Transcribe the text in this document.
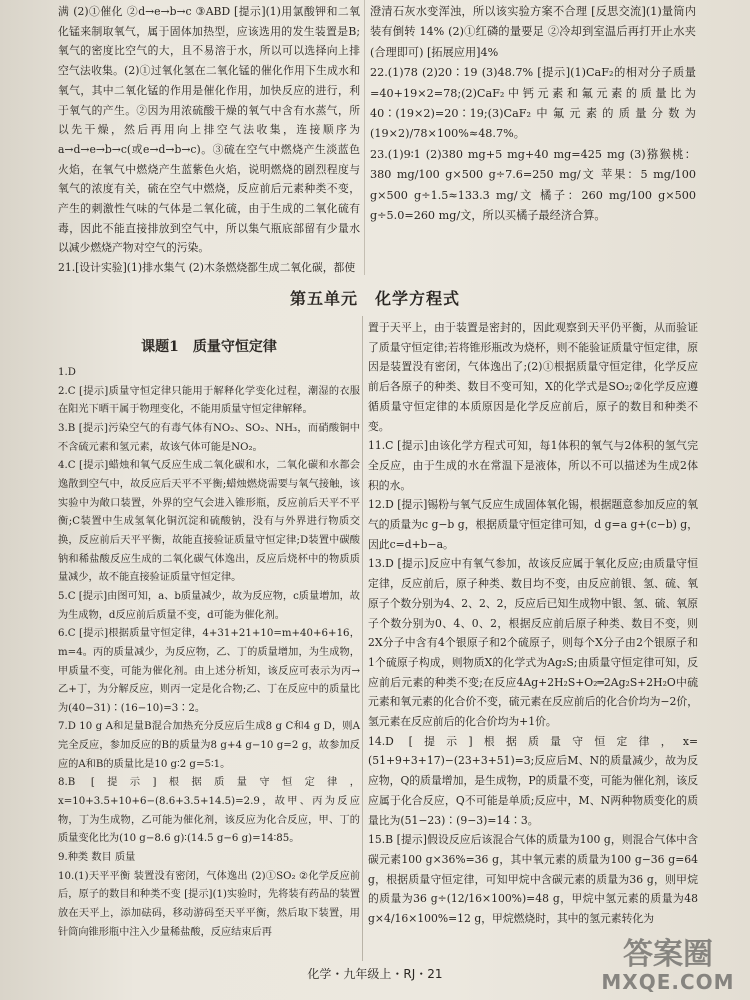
满 (2)①催化 ②d→e→b→c ③ABD [提示](1)用氯酸钾和二氧化锰来制取氧气，属于固体加热型，应该选用的发生装置是B;氧气的密度比空气的大，且不易溶于水，所以可以选择向上排空气法收集。(2)①过氧化氢在二氧化锰的催化作用下生成水和氧气，其中二氧化锰的作用是催化作用，加快反应的进行，利于氧气的产生。②因为用浓硫酸干燥的氧气中含有水蒸气，所以先干燥，然后再用向上排空气法收集，连接顺序为a→d→e→b→c(或e→d→b→c)。③硫在空气中燃烧产生淡蓝色火焰，在氧气中燃烧产生蓝紫色火焰，说明燃烧的剧烈程度与氧气的浓度有关，硫在空气中燃烧，反应前后元素种类不变，产生的刺激性气味的气体是二氧化硫，由于生成的二氧化硫有毒，因此不能直接排放到空气中，所以集气瓶底部留有少量水以减少燃烧产物对空气的污染。

21.[设计实验](1)排水集气 (2)木条燃烧都生成二氧化碳，都使

澄清石灰水变浑浊，所以该实验方案不合理 [反思交流](1)量筒内装有倒转 14% (2)①红磷的量要足 ②冷却到室温后再打开止水夹(合理即可) [拓展应用]4%

22.(1)78 (2)20∶19 (3)48.7% [提示](1)CaF₂的相对分子质量=40+19×2=78;(2)CaF₂中钙元素和氟元素的质量比为40∶(19×2)=20∶19;(3)CaF₂中氟元素的质量分数为(19×2)/78×100%≈48.7%。

23.(1)9∶1 (2)380 mg+5 mg+40 mg=425 mg (3)猕猴桃：380 mg/100 g×500 g÷7.6=250 mg/文 苹果：5 mg/100 g×500 g÷1.5≈133.3 mg/文 橘子：260 mg/100 g×500 g÷5.0=260 mg/文，所以买橘子最经济合算。

第五单元　化学方程式
课题1　质量守恒定律

1.D

2.C [提示]质量守恒定律只能用于解释化学变化过程，潮湿的衣服在阳光下晒干属于物理变化，不能用质量守恒定律解释。

3.B [提示]污染空气的有毒气体有NO₂、SO₂、NH₃，而硝酸铜中不含硫元素和氢元素，故该气体可能是NO₂。

4.C [提示]蜡烛和氧气反应生成二氧化碳和水，二氧化碳和水都会逸散到空气中，故反应后天平不平衡;蜡烛燃烧需要与氧气接触，该实验中为敞口装置，外界的空气会进入锥形瓶，反应前后天平不平衡;C装置中生成氢氧化铜沉淀和硫酸钠，没有与外界进行物质交换，反应前后天平平衡，故能直接验证质量守恒定律;D装置中碳酸钠和稀盐酸反应生成的二氧化碳气体逸出，反应后烧杯中的物质质量减少，故不能直接验证质量守恒定律。

5.C [提示]由图可知，a、b质量减少，故为反应物，c质量增加，故为生成物，d反应前后质量不变，d可能为催化剂。

6.C [提示]根据质量守恒定律，4+31+21+10=m+40+6+16，m=4。丙的质量减少，为反应物，乙、丁的质量增加，为生成物，甲质量不变，可能为催化剂。由上述分析知，该反应可表示为丙→乙+丁，为分解反应，则丙一定是化合物;乙、丁在反应中的质量比为(40−31)∶(16−10)=3∶2。

7.D 10 g A和足量B混合加热充分反应后生成8 g C和4 g D，则A完全反应，参加反应的B的质量为8 g+4 g−10 g=2 g，故参加反应的A和B的质量比是10 g∶2 g=5∶1。

8.B [提示]根据质量守恒定律，x=10+3.5+10+6−(8.6+3.5+14.5)=2.9，故甲、丙为反应物，丁为生成物，乙可能为催化剂，该反应为化合反应，甲、丁的质量变化比为(10 g−8.6 g)∶(14.5 g−6 g)=14∶85。

9.种类 数目 质量

10.(1)天平平衡 装置没有密闭，气体逸出 (2)①SO₂ ②化学反应前后，原子的数目和种类不变 [提示](1)实验时，先将装有药品的装置放在天平上，添加砝码，移动游码至天平平衡，然后取下装置，用针筒向锥形瓶中注入少量稀盐酸，反应结束后再

置于天平上，由于装置是密封的，因此观察到天平仍平衡，从而验证了质量守恒定律;若将锥形瓶改为烧杯，则不能验证质量守恒定律，原因是装置没有密闭，气体逸出了;(2)①根据质量守恒定律，化学反应前后各原子的种类、数目不变可知，X的化学式是SO₂;②化学反应遵循质量守恒定律的本质原因是化学反应前后，原子的数目和种类不变。

11.C [提示]由该化学方程式可知，每1体积的氧气与2体积的氢气完全反应，由于生成的水在常温下是液体，所以不可以描述为生成2体积的水。

12.D [提示]锡粉与氧气反应生成固体氧化锡，根据题意参加反应的氧气的质量为c g−b g，根据质量守恒定律可知，d g=a g+(c−b) g，因此c=d+b−a。

13.D [提示]反应中有氧气参加，故该反应属于氧化反应;由质量守恒定律，反应前后，原子种类、数目均不变，由反应前银、氢、硫、氧原子个数分别为4、2、2、2，反应后已知生成物中银、氢、硫、氧原子个数分别为0、4、0、2，根据反应前后原子种类、数目不变，则2X分子中含有4个银原子和2个硫原子，则每个X分子由2个银原子和1个硫原子构成，则物质X的化学式为Ag₂S;由质量守恒定律可知，反应前后元素的种类不变;在反应4Ag+2H₂S+O₂═2Ag₂S+2H₂O中硫元素和氧元素的化合价不变，硫元素在反应前后的化合价均为−2价，氢元素在反应前后的化合价均为+1价。

14.D [提示]根据质量守恒定律，x=(51+9+3+17)−(23+3+51)=3;反应后M、N的质量减少，故为反应物，Q的质量增加，是生成物，P的质量不变，可能为催化剂，该反应属于化合反应，Q不可能是单质;反应中，M、N两种物质变化的质量比为(51−23)∶(9−3)=14∶3。

15.B [提示]假设反应后该混合气体的质量为100 g，则混合气体中含碳元素100 g×36%=36 g，其中氧元素的质量为100 g−36 g=64 g，根据质量守恒定律，可知甲烷中含碳元素的质量为36 g，则甲烷的质量为36 g÷(12/16×100%)=48 g，甲烷中氢元素的质量为48 g×4/16×100%=12 g，甲烷燃烧时，其中的氢元素转化为

化学・九年级上・RJ・21
答案圈
MXQE.COM
